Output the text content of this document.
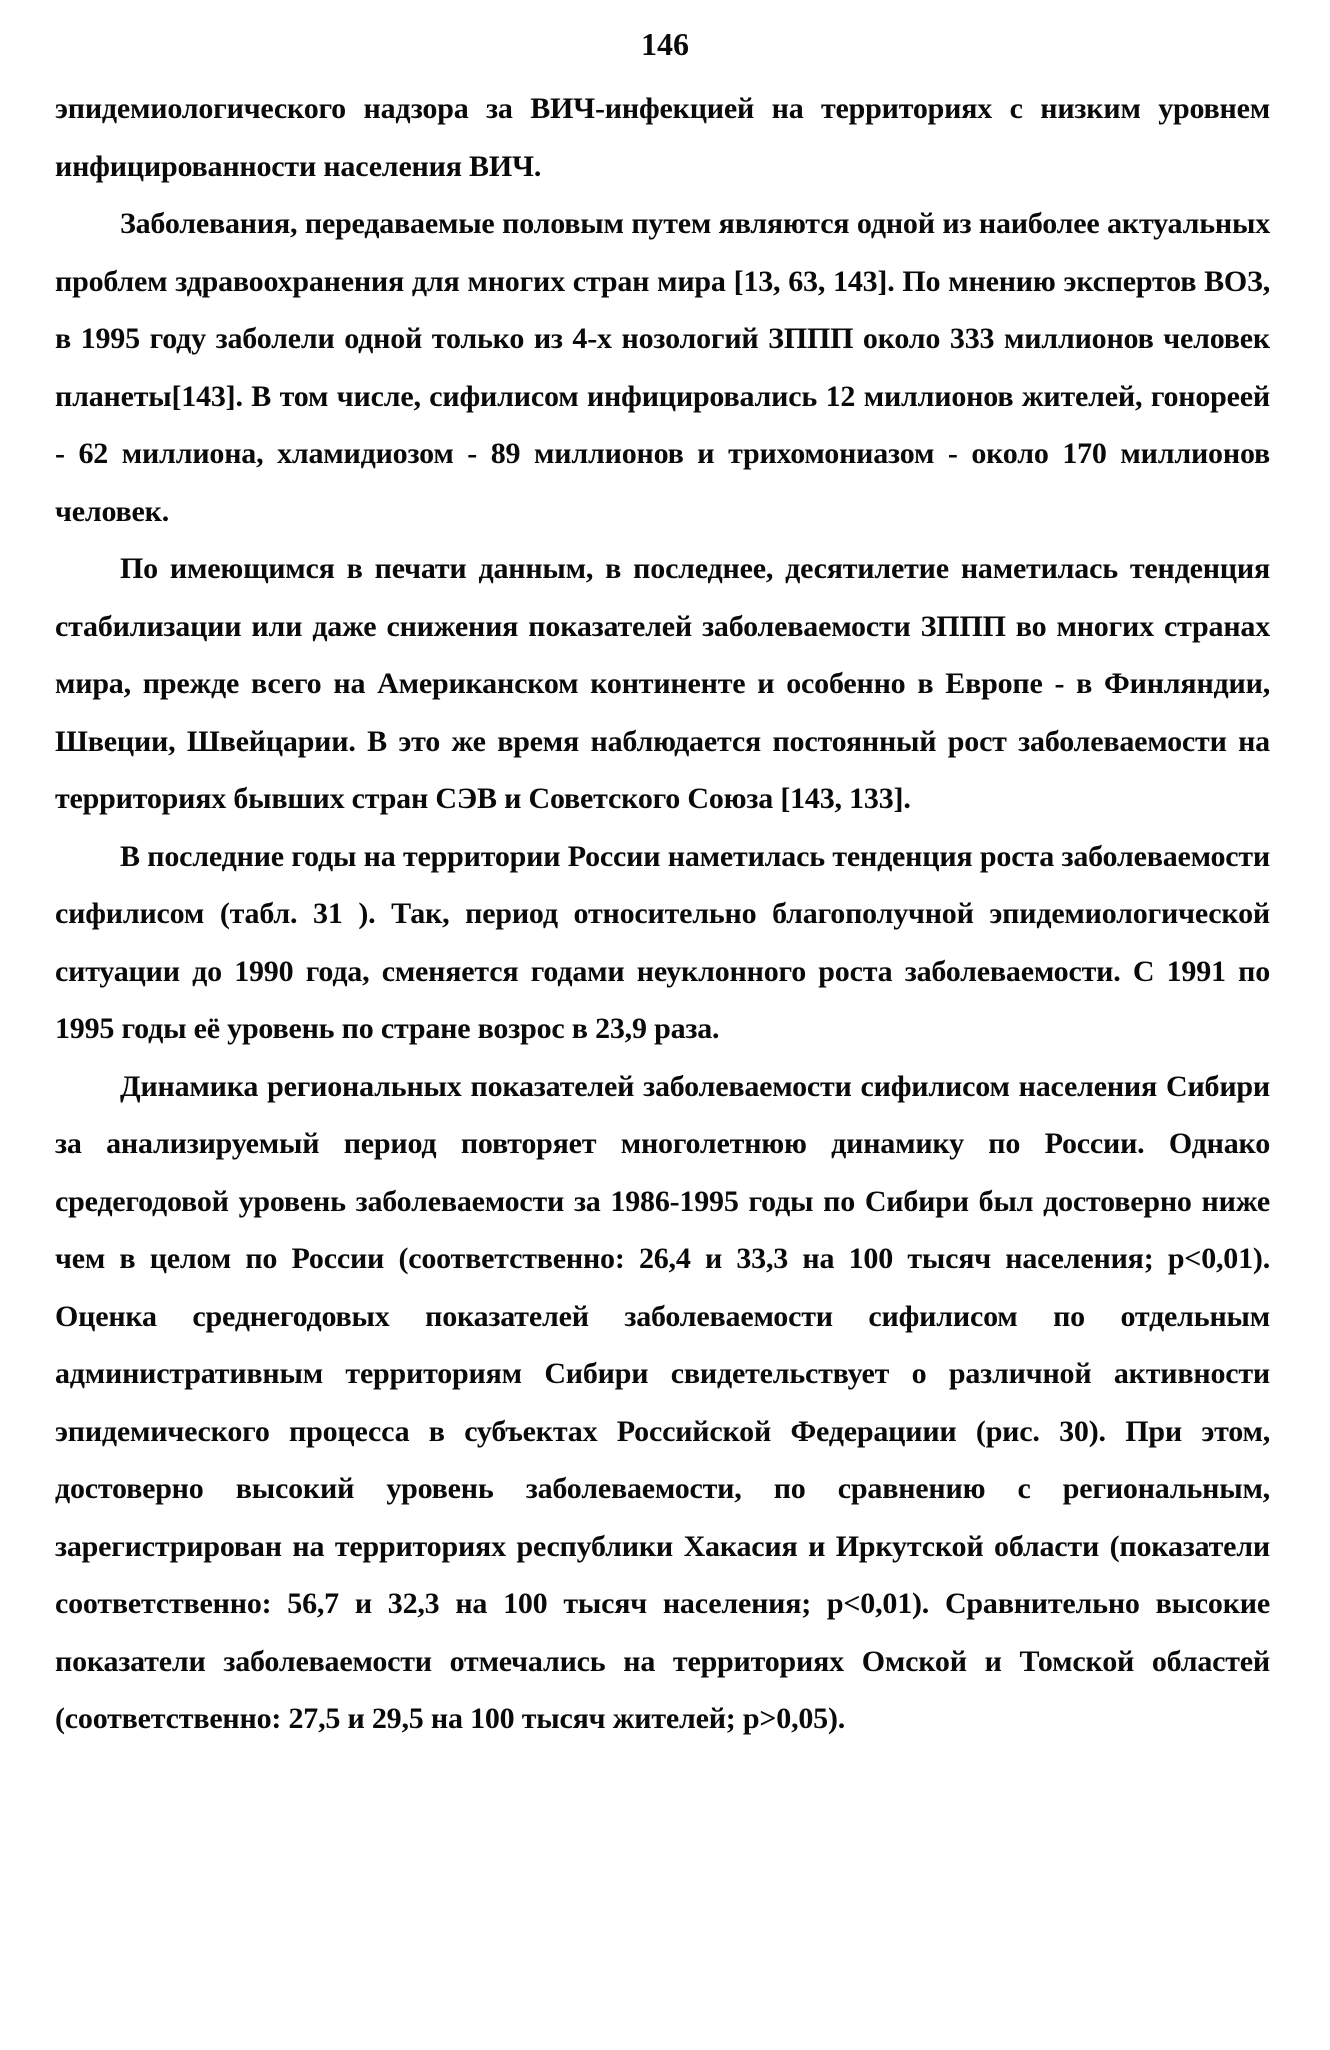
146

эпидемиологического надзора за ВИЧ-инфекцией на территориях с низким уровнем инфицированности населения ВИЧ.

Заболевания, передаваемые половым путем являются одной из наиболее актуальных проблем здравоохранения для многих стран мира [13, 63, 143]. По мнению экспертов ВОЗ, в 1995 году заболели одной только из 4-х нозологий ЗППП около 333 миллионов человек планеты[143]. В том числе, сифилисом инфицировались 12 миллионов жителей, гонореей - 62 миллиона, хламидиозом - 89 миллионов и трихомониазом - около 170 миллионов человек.

По имеющимся в печати данным, в последнее, десятилетие наметилась тенденция стабилизации или даже снижения показателей заболеваемости ЗППП во многих странах мира, прежде всего на Американском континенте и особенно в Европе - в Финляндии, Швеции, Швейцарии. В это же время наблюдается постоянный рост заболеваемости на территориях бывших стран СЭВ и Советского Союза [143, 133].

В последние годы на территории России наметилась тенденция роста заболеваемости сифилисом (табл. 31 ). Так, период относительно благополучной эпидемиологической ситуации до 1990 года, сменяется годами неуклонного роста заболеваемости. С 1991 по 1995 годы её уровень по стране возрос в 23,9 раза.

Динамика региональных показателей заболеваемости сифилисом населения Сибири за анализируемый период повторяет многолетнюю динамику по России. Однако средегодовой уровень заболеваемости за 1986-1995 годы по Сибири был достоверно ниже чем в целом по России (соответственно: 26,4 и 33,3 на 100 тысяч населения; p<0,01). Оценка среднегодовых показателей заболеваемости сифилисом по отдельным административным территориям Сибири свидетельствует о различной активности эпидемического процесса в субъектах Российской Федерациии (рис. 30). При этом, достоверно высокий уровень заболеваемости, по сравнению с региональным, зарегистрирован на территориях республики Хакасия и Иркутской области (показатели соответственно: 56,7 и 32,3 на 100 тысяч населения; p<0,01). Сравнительно высокие показатели заболеваемости отмечались на территориях Омской и Томской областей (соответственно: 27,5 и 29,5 на 100 тысяч жителей; p>0,05).
